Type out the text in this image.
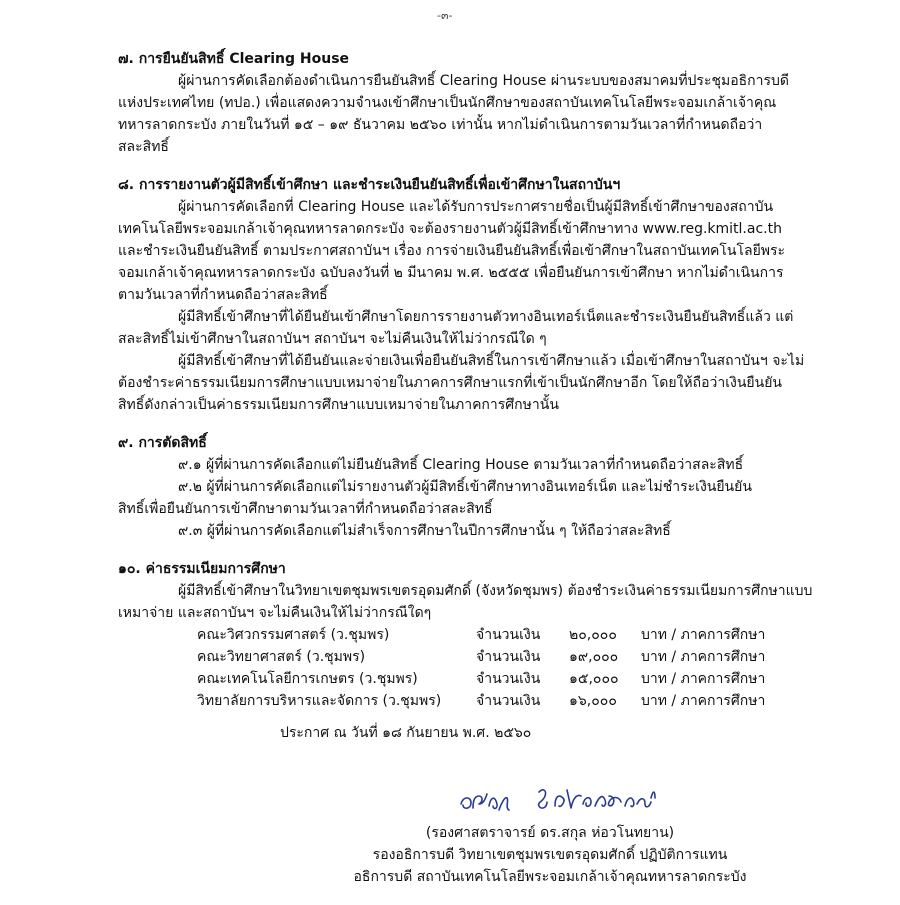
-๓-
๗. การยืนยันสิทธิ์ Clearing House
ผู้ผ่านการคัดเลือกต้องดำเนินการยืนยันสิทธิ์ Clearing House ผ่านระบบของสมาคมที่ประชุมอธิการบดี
แห่งประเทศไทย (ทปอ.) เพื่อแสดงความจำนงเข้าศึกษาเป็นนักศึกษาของสถาบันเทคโนโลยีพระจอมเกล้าเจ้าคุณ
ทหารลาดกระบัง ภายในวันที่ ๑๕ – ๑๙ ธันวาคม ๒๕๖๐ เท่านั้น หากไม่ดำเนินการตามวันเวลาที่กำหนดถือว่า
สละสิทธิ์
๘. การรายงานตัวผู้มีสิทธิ์เข้าศึกษา และชำระเงินยืนยันสิทธิ์เพื่อเข้าศึกษาในสถาบันฯ
ผู้ผ่านการคัดเลือกที่ Clearing House และได้รับการประกาศรายชื่อเป็นผู้มีสิทธิ์เข้าศึกษาของสถาบัน
เทคโนโลยีพระจอมเกล้าเจ้าคุณทหารลาดกระบัง จะต้องรายงานตัวผู้มีสิทธิ์เข้าศึกษาทาง www.reg.kmitl.ac.th
และชำระเงินยืนยันสิทธิ์ ตามประกาศสถาบันฯ เรื่อง การจ่ายเงินยืนยันสิทธิ์เพื่อเข้าศึกษาในสถาบันเทคโนโลยีพระ
จอมเกล้าเจ้าคุณทหารลาดกระบัง ฉบับลงวันที่ ๒ มีนาคม พ.ศ. ๒๕๕๕ เพื่อยืนยันการเข้าศึกษา หากไม่ดำเนินการ
ตามวันเวลาที่กำหนดถือว่าสละสิทธิ์
ผู้มีสิทธิ์เข้าศึกษาที่ได้ยืนยันเข้าศึกษาโดยการรายงานตัวทางอินเทอร์เน็ตและชำระเงินยืนยันสิทธิ์แล้ว แต่
สละสิทธิ์ไม่เข้าศึกษาในสถาบันฯ สถาบันฯ จะไม่คืนเงินให้ไม่ว่ากรณีใด ๆ
ผู้มีสิทธิ์เข้าศึกษาที่ได้ยืนยันและจ่ายเงินเพื่อยืนยันสิทธิ์ในการเข้าศึกษาแล้ว เมื่อเข้าศึกษาในสถาบันฯ จะไม่
ต้องชำระค่าธรรมเนียมการศึกษาแบบเหมาจ่ายในภาคการศึกษาแรกที่เข้าเป็นนักศึกษาอีก โดยให้ถือว่าเงินยืนยัน
สิทธิ์ดังกล่าวเป็นค่าธรรมเนียมการศึกษาแบบเหมาจ่ายในภาคการศึกษานั้น
๙. การตัดสิทธิ์
๙.๑ ผู้ที่ผ่านการคัดเลือกแต่ไม่ยืนยันสิทธิ์ Clearing House ตามวันเวลาที่กำหนดถือว่าสละสิทธิ์
๙.๒ ผู้ที่ผ่านการคัดเลือกแต่ไม่รายงานตัวผู้มีสิทธิ์เข้าศึกษาทางอินเทอร์เน็ต และไม่ชำระเงินยืนยัน
สิทธิ์เพื่อยืนยันการเข้าศึกษาตามวันเวลาที่กำหนดถือว่าสละสิทธิ์
๙.๓ ผู้ที่ผ่านการคัดเลือกแต่ไม่สำเร็จการศึกษาในปีการศึกษานั้น ๆ ให้ถือว่าสละสิทธิ์
๑๐. ค่าธรรมเนียมการศึกษา
ผู้มีสิทธิ์เข้าศึกษาในวิทยาเขตชุมพรเขตรอุดมศักดิ์ (จังหวัดชุมพร) ต้องชำระเงินค่าธรรมเนียมการศึกษาแบบ
เหมาจ่าย และสถาบันฯ จะไม่คืนเงินให้ไม่ว่ากรณีใดๆ
คณะวิศวกรรมศาสตร์ (ว.ชุมพร)	จำนวนเงิน ๒๐,๐๐๐ บาท / ภาคการศึกษา
คณะวิทยาศาสตร์ (ว.ชุมพร)	จำนวนเงิน ๑๙,๐๐๐ บาท / ภาคการศึกษา
คณะเทคโนโลยีการเกษตร (ว.ชุมพร)	จำนวนเงิน ๑๕,๐๐๐ บาท / ภาคการศึกษา
วิทยาลัยการบริหารและจัดการ (ว.ชุมพร) จำนวนเงิน ๑๖,๐๐๐ บาท / ภาคการศึกษา
ประกาศ ณ วันที่ ๑๘ กันยายน พ.ศ. ๒๕๖๐
(รองศาสตราจารย์ ดร.สกุล ห่อวโนทยาน)
รองอธิการบดี วิทยาเขตชุมพรเขตรอุดมศักดิ์ ปฏิบัติการแทน
อธิการบดี สถาบันเทคโนโลยีพระจอมเกล้าเจ้าคุณทหารลาดกระบัง
